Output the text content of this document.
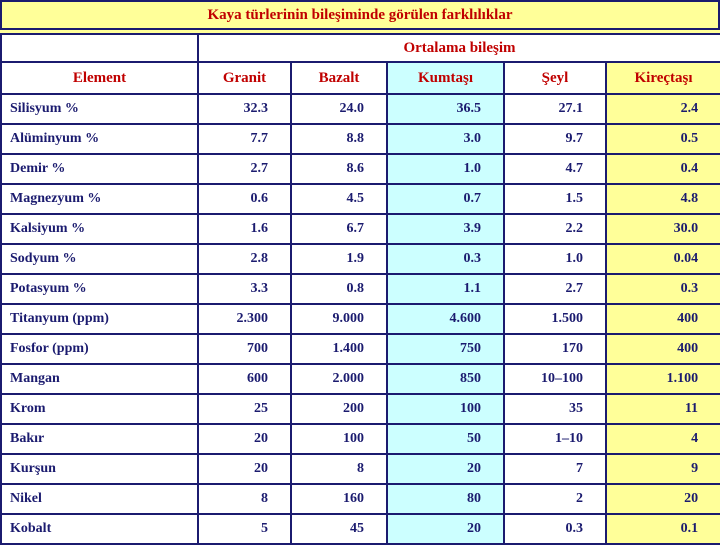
Kaya türlerinin bileşiminde görülen farklılıklar
	Ortalama bileşim				
Element	Granit	Bazalt	Kumtaşı	Şeyl	Kireçtaşı
Silisyum %	32.3	24.0	36.5	27.1	2.4
Alüminyum %	7.7	8.8	3.0	9.7	0.5
Demir %	2.7	8.6	1.0	4.7	0.4
Magnezyum %	0.6	4.5	0.7	1.5	4.8
Kalsiyum %	1.6	6.7	3.9	2.2	30.0
Sodyum %	2.8	1.9	0.3	1.0	0.04
Potasyum %	3.3	0.8	1.1	2.7	0.3
Titanyum (ppm)	2.300	9.000	4.600	1.500	400
Fosfor (ppm)	700	1.400	750	170	400
Mangan	600	2.000	850	10–100	1.100
Krom	25	200	100	35	11
Bakır	20	100	50	1–10	4
Kurşun	20	8	20	7	9
Nikel	8	160	80	2	20
Kobalt	5	45	20	0.3	0.1
